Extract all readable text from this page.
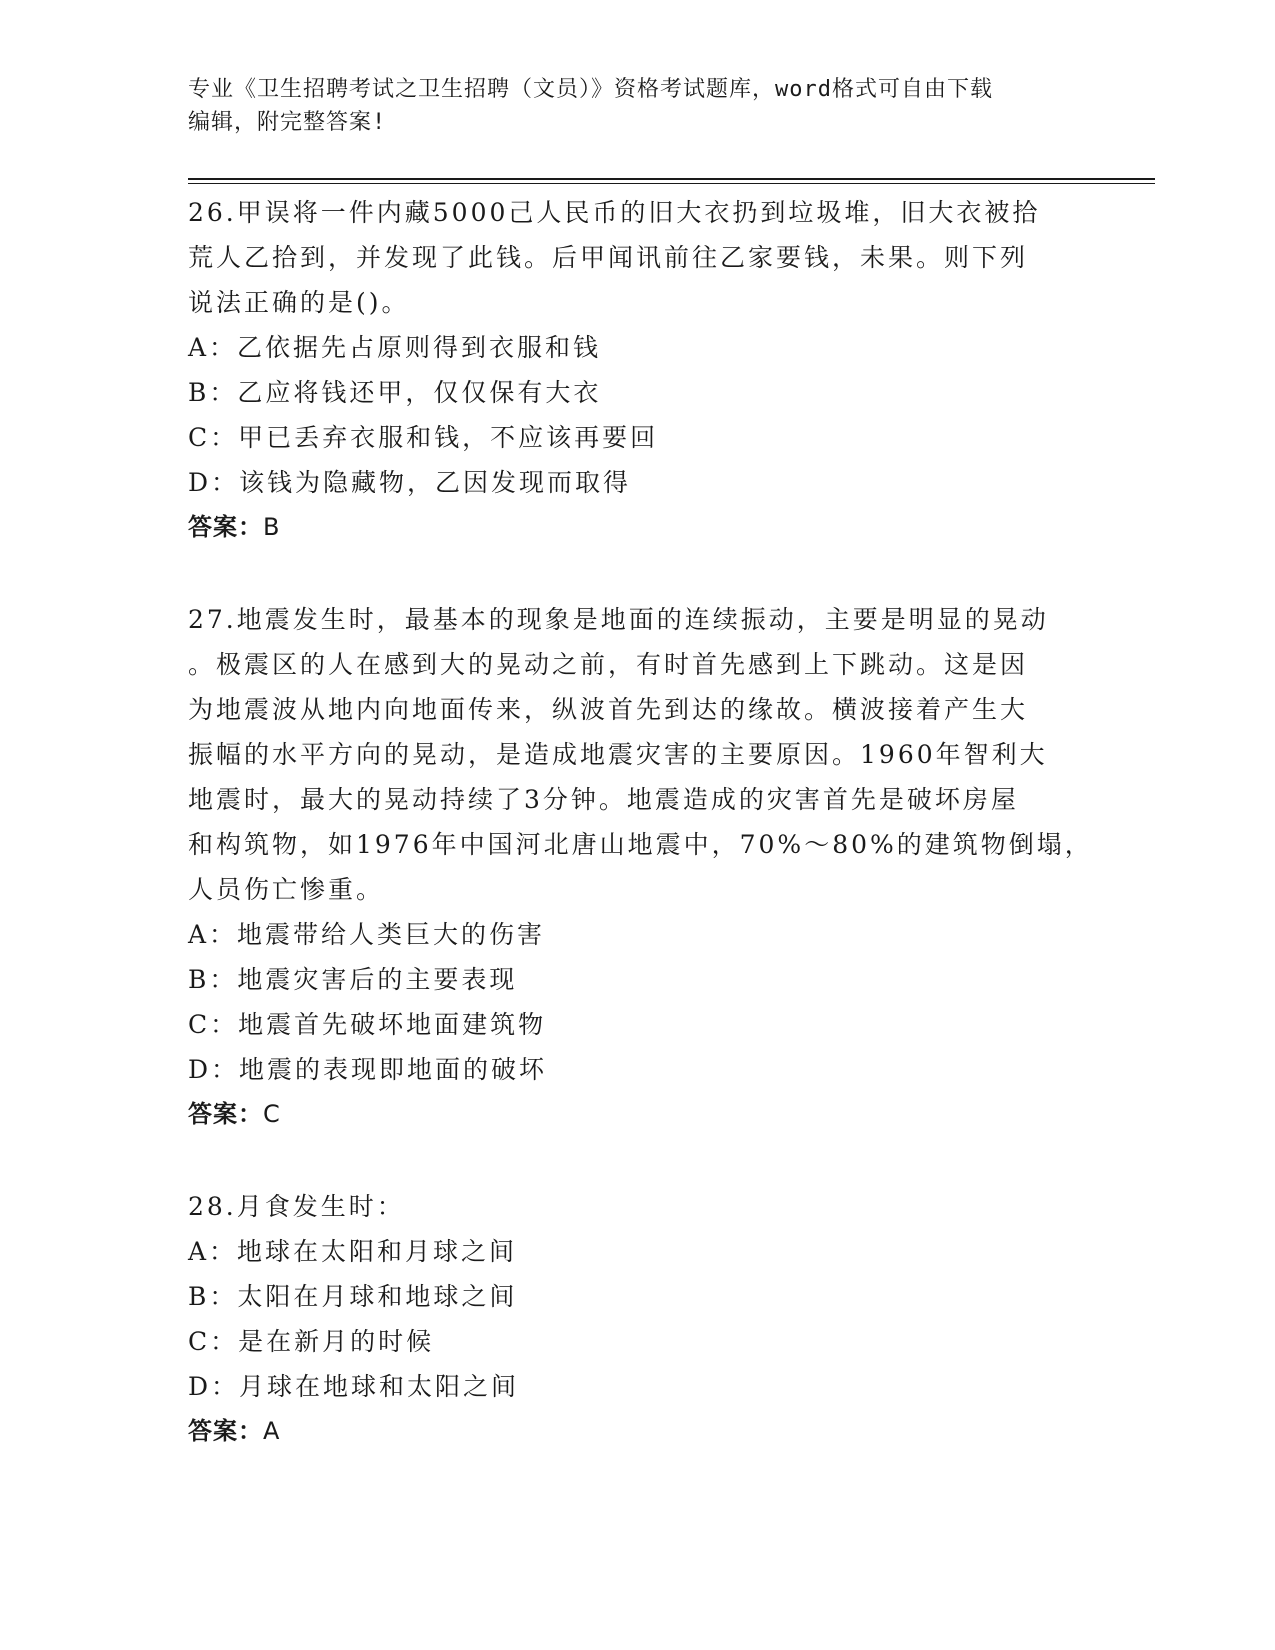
专业《卫生招聘考试之卫生招聘（文员）》资格考试题库，word格式可自由下载
编辑，附完整答案!
26.甲误将一件内藏5000己人民币的旧大衣扔到垃圾堆，旧大衣被拾
荒人乙拾到，并发现了此钱。后甲闻讯前往乙家要钱，未果。则下列
说法正确的是()。
A：乙依据先占原则得到衣服和钱
B：乙应将钱还甲，仅仅保有大衣
C：甲已丢弃衣服和钱，不应该再要回
D：该钱为隐藏物，乙因发现而取得
答案：B
27.地震发生时，最基本的现象是地面的连续振动，主要是明显的晃动
。极震区的人在感到大的晃动之前，有时首先感到上下跳动。这是因
为地震波从地内向地面传来，纵波首先到达的缘故。横波接着产生大
振幅的水平方向的晃动，是造成地震灾害的主要原因。1960年智利大
地震时，最大的晃动持续了3分钟。地震造成的灾害首先是破坏房屋
和构筑物，如1976年中国河北唐山地震中，70%～80%的建筑物倒塌，
人员伤亡惨重。
A：地震带给人类巨大的伤害
B：地震灾害后的主要表现
C：地震首先破坏地面建筑物
D：地震的表现即地面的破坏
答案：C
28.月食发生时：
A：地球在太阳和月球之间
B：太阳在月球和地球之间
C：是在新月的时候
D：月球在地球和太阳之间
答案：A
